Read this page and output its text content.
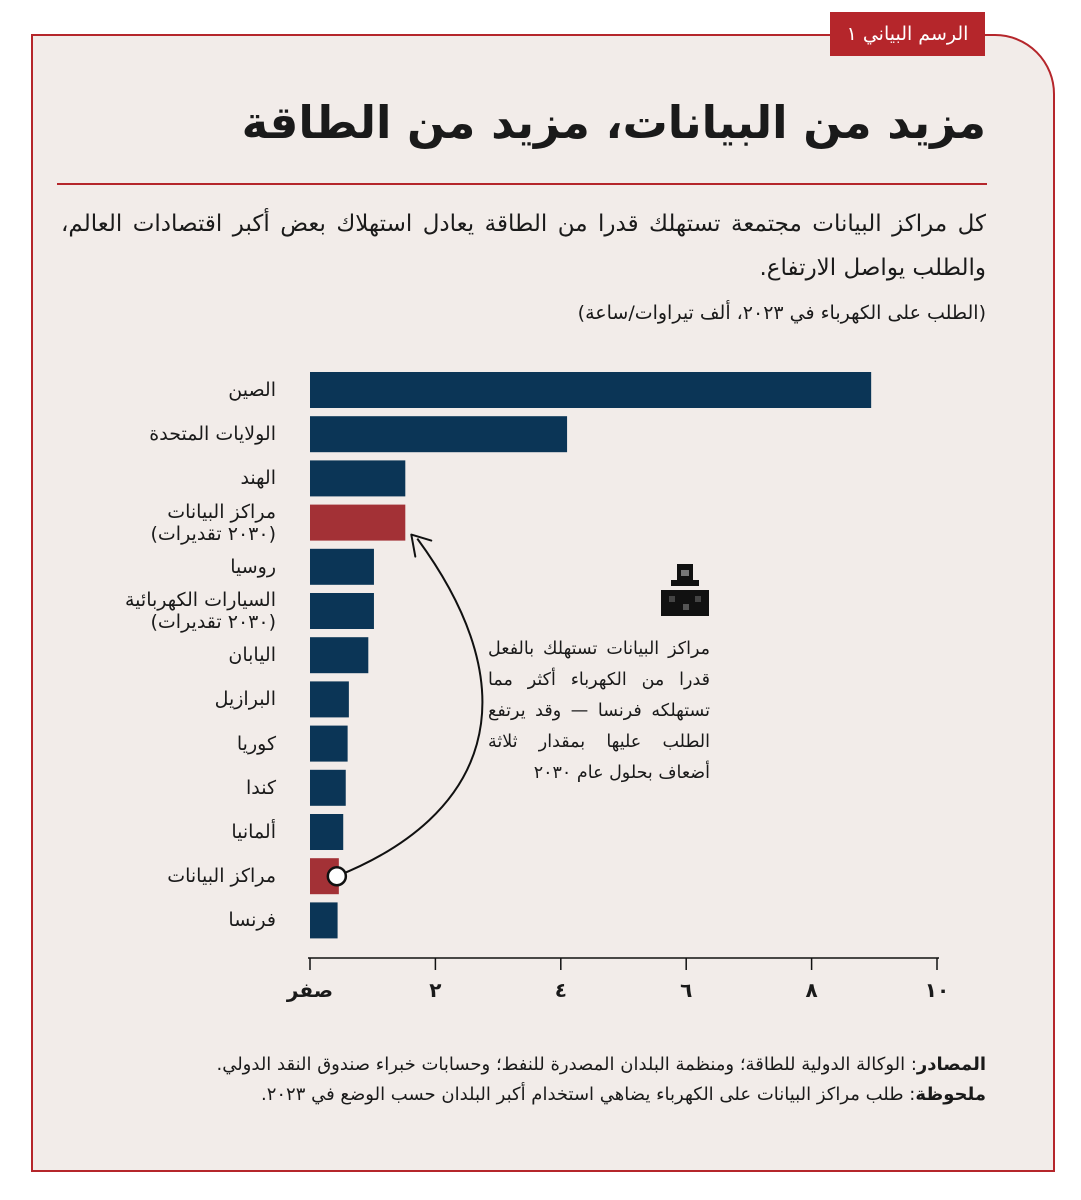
الرسم البياني ١
مزيد من البيانات، مزيد من الطاقة
كل مراكز البيانات مجتمعة تستهلك قدرا من الطاقة يعادل استهلاك بعض أكبر اقتصادات العالم، والطلب يواصل الارتفاع.
(الطلب على الكهرباء في ٢٠٢٣، ألف تيراوات/ساعة)
الصين
الولايات المتحدة
الهند
مراكز البيانات
(٢٠٣٠ تقديرات)
روسيا
السيارات الكهربائية
(٢٠٣٠ تقديرات)
اليابان
البرازيل
كوريا
كندا
ألمانيا
مراكز البيانات
فرنسا
صفر	٢	٤	٦	٨	١٠
مراكز البيانات تستهلك بالفعل قدرا من الكهرباء أكثر مما تستهلكه فرنسا — وقد يرتفع الطلب عليها بمقدار ثلاثة أضعاف بحلول عام ٢٠٣٠
المصادر: الوكالة الدولية للطاقة؛ ومنظمة البلدان المصدرة للنفط؛ وحسابات خبراء صندوق النقد الدولي.
ملحوظة: طلب مراكز البيانات على الكهرباء يضاهي استخدام أكبر البلدان حسب الوضع في ٢٠٢٣.
